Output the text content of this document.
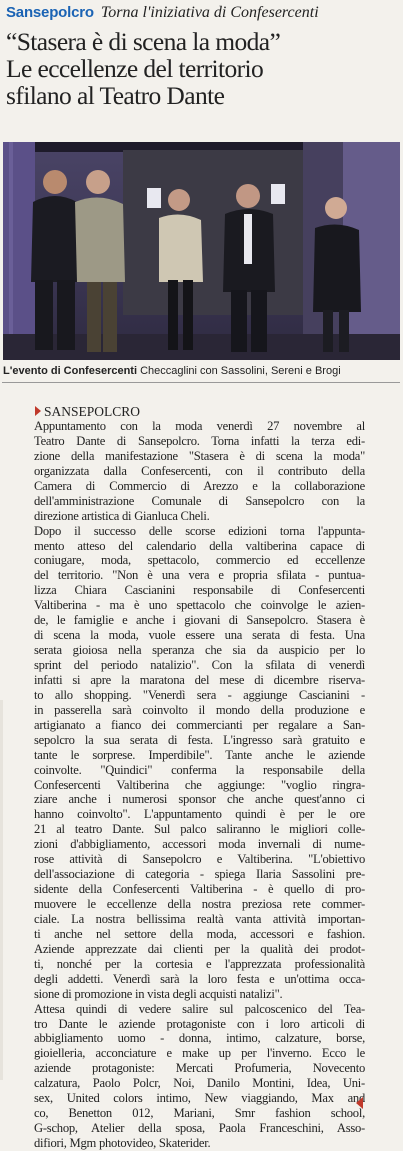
Sansepolcro Torna l'iniziativa di Confesercenti
“Stasera è di scena la moda”
Le eccellenze del territorio
sfilano al Teatro Dante
L'evento di Confesercenti Checcaglini con Sassolini, Sereni e Brogi
SANSEPOLCRO
Appuntamento con la moda venerdì 27 novembre al
Teatro Dante di Sansepolcro. Torna infatti la terza edi-
zione della manifestazione "Stasera è di scena la moda"
organizzata dalla Confesercenti, con il contributo della
Camera di Commercio di Arezzo e la collaborazione
dell'amministrazione Comunale di Sansepolcro con la
direzione artistica di Gianluca Cheli.
Dopo il successo delle scorse edizioni torna l'appunta-
mento atteso del calendario della valtiberina capace di
coniugare, moda, spettacolo, commercio ed eccellenze
del territorio. "Non è una vera e propria sfilata - puntua-
lizza Chiara Cascianini responsabile di Confesercenti
Valtiberina - ma è uno spettacolo che coinvolge le azien-
de, le famiglie e anche i giovani di Sansepolcro. Stasera è
di scena la moda, vuole essere una serata di festa. Una
serata gioiosa nella speranza che sia da auspicio per lo
sprint del periodo natalizio". Con la sfilata di venerdì
infatti si apre la maratona del mese di dicembre riserva-
to allo shopping. "Venerdì sera - aggiunge Cascianini -
in passerella sarà coinvolto il mondo della produzione e
artigianato a fianco dei commercianti per regalare a San-
sepolcro la sua serata di festa. L'ingresso sarà gratuito e
tante le sorprese. Imperdibile". Tante anche le aziende
coinvolte. "Quindici" conferma la responsabile della
Confesercenti Valtiberina che aggiunge: "voglio ringra-
ziare anche i numerosi sponsor che anche quest'anno ci
hanno coinvolto". L'appuntamento quindi è per le ore
21 al teatro Dante. Sul palco saliranno le migliori colle-
zioni d'abbigliamento, accessori moda invernali di nume-
rose attività di Sansepolcro e Valtiberina. "L'obiettivo
dell'associazione di categoria - spiega Ilaria Sassolini pre-
sidente della Confesercenti Valtiberina - è quello di pro-
muovere le eccellenze della nostra preziosa rete commer-
ciale. La nostra bellissima realtà vanta attività importan-
ti anche nel settore della moda, accessori e fashion.
Aziende apprezzate dai clienti per la qualità dei prodot-
ti, nonché per la cortesia e l'apprezzata professionalità
degli addetti. Venerdì sarà la loro festa e un'ottima occa-
sione di promozione in vista degli acquisti natalizi".
Attesa quindi di vedere salire sul palcoscenico del Tea-
tro Dante le aziende protagoniste con i loro articoli di
abbigliamento uomo - donna, intimo, calzature, borse,
gioielleria, acconciature e make up per l'inverno. Ecco le
aziende protagoniste: Mercati Profumeria, Novecento
calzatura, Paolo Polcr, Noi, Danilo Montini, Idea, Uni-
sex, United colors intimo, New viaggiando, Max and
co, Benetton 012, Mariani, Smr fashion school,
G-schop, Atelier della sposa, Paola Franceschini, Asso-
difiori, Mgm photovideo, Skaterider.
